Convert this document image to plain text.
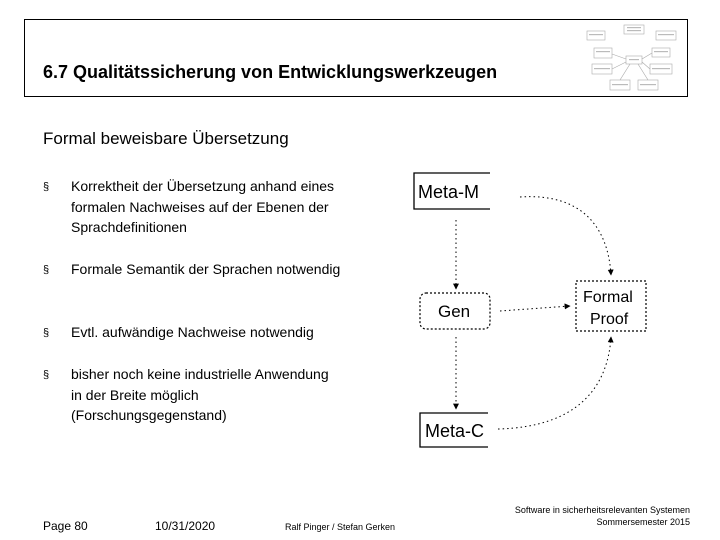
6.7 Qualitätssicherung von Entwicklungswerkzeugen
Formal beweisbare Übersetzung
§	Korrektheit der Übersetzung anhand eines formalen Nachweises auf der Ebenen der Sprachdefinitionen
§	Formale Semantik der Sprachen notwendig
§	Evtl. aufwändige Nachweise notwendig
§	bisher noch keine industrielle Anwendung in der Breite möglich (Forschungsgegenstand)
Meta-M
Gen
Formal
Proof
Meta-C
Page 80	10/31/2020	Ralf Pinger / Stefan Gerken
Software in sicherheitsrelevanten Systemen
Sommersemester 2015
